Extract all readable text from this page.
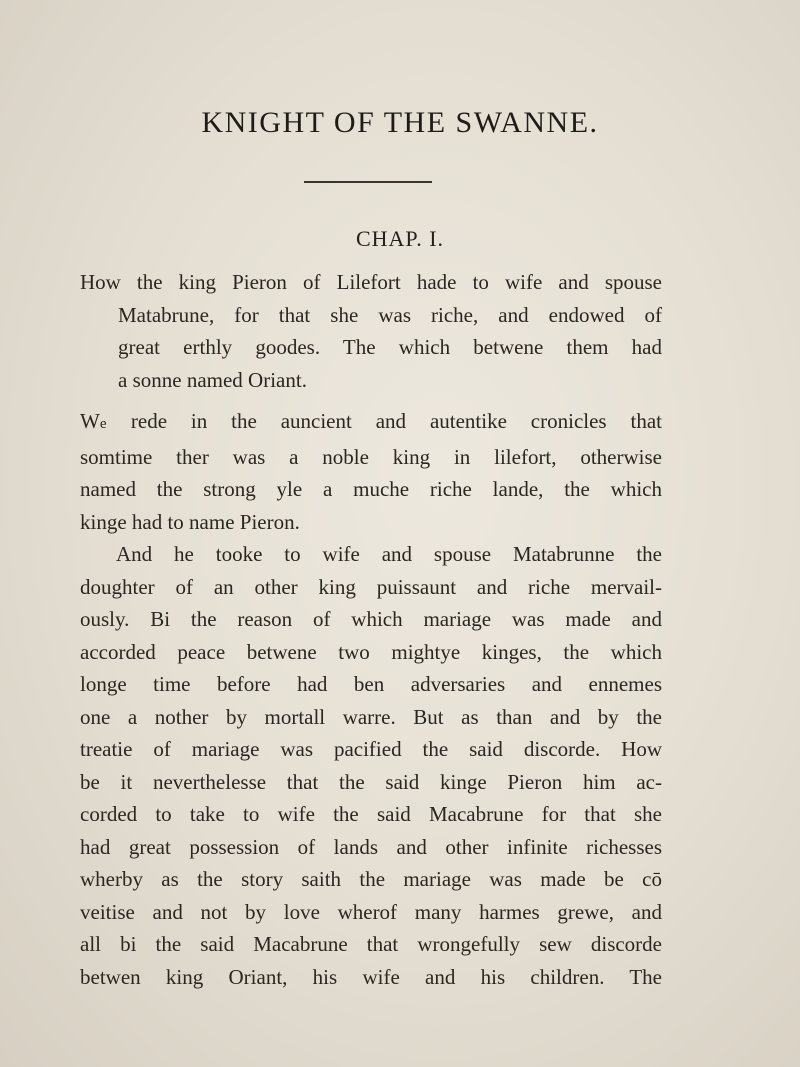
KNIGHT OF THE SWANNE.
CHAP. I.
How the king Pieron of Lilefort hade to wife and spouse
Matabrune, for that she was riche, and endowed of
great erthly goodes. The which betwene them had
a sonne named Oriant.
We rede in the auncient and autentike cronicles that
somtime ther was a noble king in lilefort, otherwise
named the strong yle a muche riche lande, the which
kinge had to name Pieron.
And he tooke to wife and spouse Matabrunne the
doughter of an other king puissaunt and riche mervail-
ously. Bi the reason of which mariage was made and
accorded peace betwene two mightye kinges, the which
longe time before had ben adversaries and ennemes
one a nother by mortall warre. But as than and by the
treatie of mariage was pacified the said discorde. How
be it neverthelesse that the said kinge Pieron him ac-
corded to take to wife the said Macabrune for that she
had great possession of lands and other infinite richesses
wherby as the story saith the mariage was made be cō
veitise and not by love wherof many harmes grewe, and
all bi the said Macabrune that wrongefully sew discorde
betwen king Oriant, his wife and his children. The
